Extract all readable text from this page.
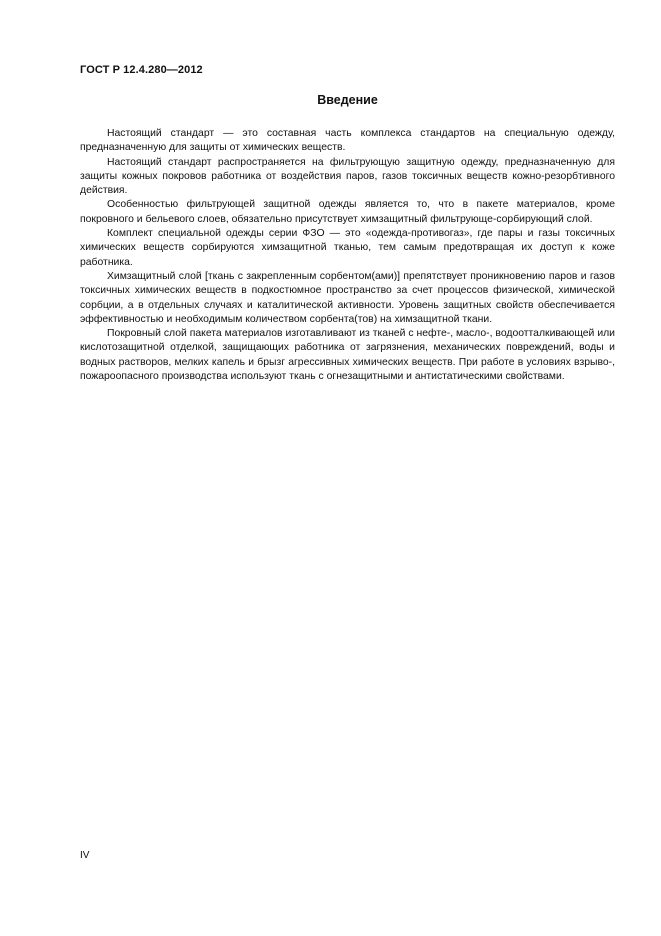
ГОСТ Р 12.4.280—2012
Введение

Настоящий стандарт — это составная часть комплекса стандартов на специальную одежду, предназначенную для защиты от химических веществ.

Настоящий стандарт распространяется на фильтрующую защитную одежду, предназначенную для защиты кожных покровов работника от воздействия паров, газов токсичных веществ кожно-резорбтивного действия.

Особенностью фильтрующей защитной одежды является то, что в пакете материалов, кроме покровного и бельевого слоев, обязательно присутствует химзащитный фильтрующе-сорбирующий слой.

Комплект специальной одежды серии ФЗО — это «одежда-противогаз», где пары и газы токсичных химических веществ сорбируются химзащитной тканью, тем самым предотвращая их доступ к коже работника.

Химзащитный слой [ткань с закрепленным сорбентом(ами)] препятствует проникновению паров и газов токсичных химических веществ в подкостюмное пространство за счет процессов физической, химической сорбции, а в отдельных случаях и каталитической активности. Уровень защитных свойств обеспечивается эффективностью и необходимым количеством сорбента(тов) на химзащитной ткани.

Покровный слой пакета материалов изготавливают из тканей с нефте-, масло-, водоотталкивающей или кислотозащитной отделкой, защищающих работника от загрязнения, механических повреждений, воды и водных растворов, мелких капель и брызг агрессивных химических веществ. При работе в условиях взрыво-, пожароопасного производства используют ткань с огнезащитными и антистатическими свойствами.

IV
